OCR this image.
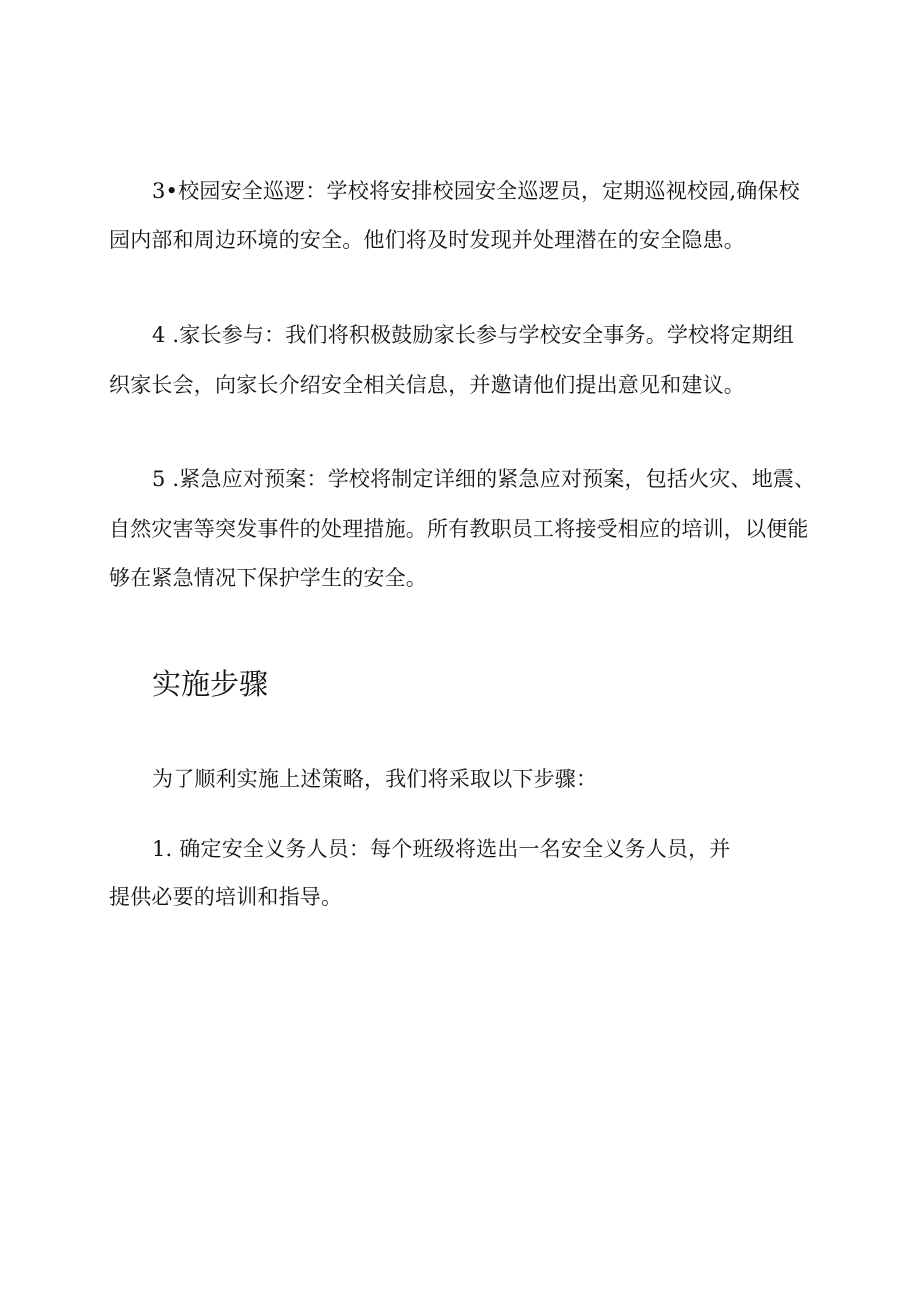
3•校园安全巡逻：学校将安排校园安全巡逻员，定期巡视校园,确保校
园内部和周边环境的安全。他们将及时发现并处理潜在的安全隐患。
4 .家长参与：我们将积极鼓励家长参与学校安全事务。学校将定期组
织家长会，向家长介绍安全相关信息，并邀请他们提出意见和建议。
5 .紧急应对预案：学校将制定详细的紧急应对预案，包括火灾、地震、
自然灾害等突发事件的处理措施。所有教职员工将接受相应的培训，以便能
够在紧急情况下保护学生的安全。
实施步骤
为了顺利实施上述策略，我们将采取以下步骤：
1. 确定安全义务人员：每个班级将选出一名安全义务人员，并
提供必要的培训和指导。
